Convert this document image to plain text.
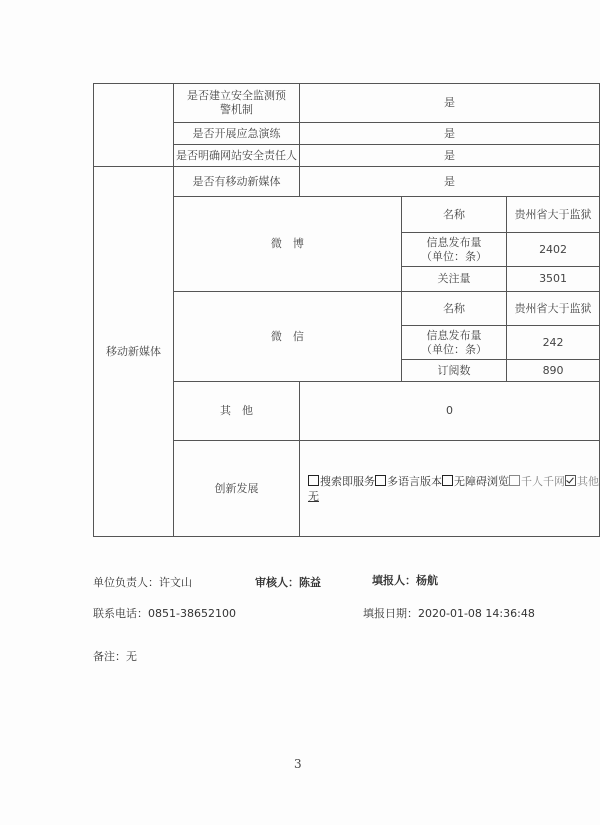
	是否建立安全监测预警机制	是		
	是否开展应急演练	是		
	是否明确网站安全责任人	是		
移动新媒体	是否有移动新媒体	是		
	微　博		名称	贵州省大于监狱
			信息发布量（单位：条）	2402
			关注量	3501
	微　信		名称	贵州省大于监狱
			信息发布量（单位：条）	242
			订阅数	890
	其　他	0		
	创新发展	搜索即服务 多语言版本 无障碍浏览 千人千网 其他
无		
单位负责人：许文山	审核人：陈益	填报人：杨航
联系电话：0851-38652100	填报日期：2020-01-08 14:36:48
备注：无
3
